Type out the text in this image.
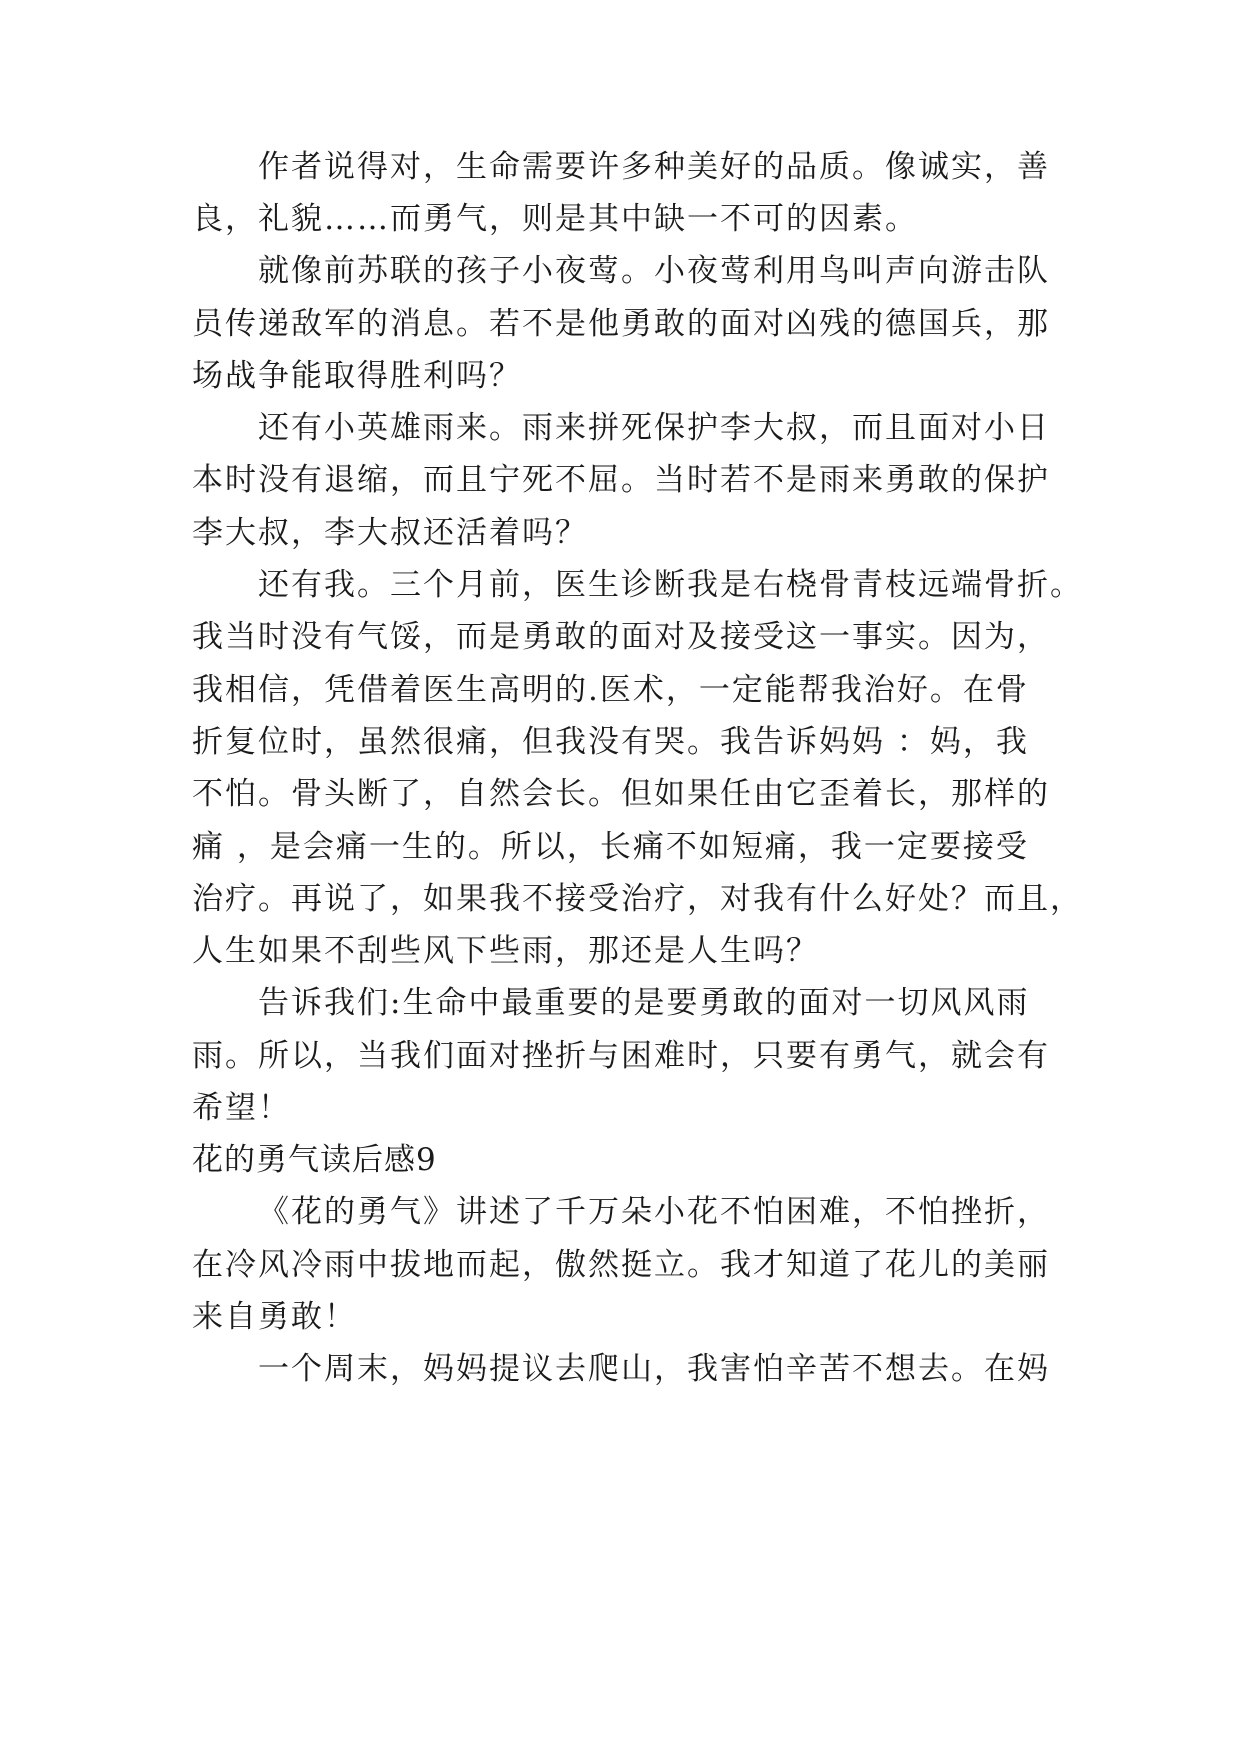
作者说得对，生命需要许多种美好的品质。像诚实，善
良，礼貌……而勇气，则是其中缺一不可的因素。
就像前苏联的孩子小夜莺。小夜莺利用鸟叫声向游击队
员传递敌军的消息。若不是他勇敢的面对凶残的德国兵，那
场战争能取得胜利吗？
还有小英雄雨来。雨来拼死保护李大叔，而且面对小日
本时没有退缩，而且宁死不屈。当时若不是雨来勇敢的保护
李大叔，李大叔还活着吗？
还有我。三个月前，医生诊断我是右桡骨青枝远端骨折。
我当时没有气馁，而是勇敢的面对及接受这一事实。因为，
我相信，凭借着医生高明的.医术，一定能帮我治好。在骨
折复位时，虽然很痛，但我没有哭。我告诉妈妈 ：妈，我
不怕。骨头断了，自然会长。但如果任由它歪着长，那样的
痛 ，是会痛一生的。所以，长痛不如短痛，我一定要接受
治疗。再说了，如果我不接受治疗，对我有什么好处？而且，
人生如果不刮些风下些雨，那还是人生吗？
告诉我们:生命中最重要的是要勇敢的面对一切风风雨
雨。所以，当我们面对挫折与困难时，只要有勇气，就会有
希望！
花的勇气读后感9
《花的勇气》讲述了千万朵小花不怕困难，不怕挫折，
在冷风冷雨中拔地而起，傲然挺立。我才知道了花儿的美丽
来自勇敢！
一个周末，妈妈提议去爬山，我害怕辛苦不想去。在妈
